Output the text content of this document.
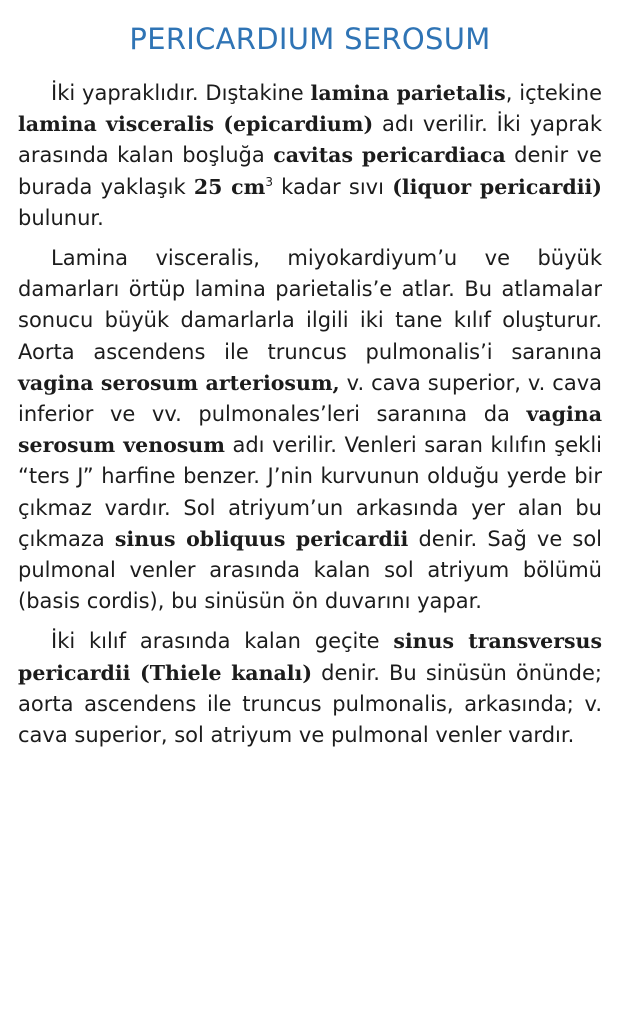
PERICARDIUM SEROSUM

İki yapraklıdır. Dıştakine lamina parietalis, içtekine lamina visceralis (epicardium) adı verilir. İki yaprak arasında kalan boşluğa cavitas pericardiaca denir ve burada yaklaşık 25 $cm^3$ kadar sıvı (liquor pericardii) bulunur.

Lamina visceralis, miyokardiyum’u ve büyük damarları örtüp lamina parietalis’e atlar. Bu atlamalar sonucu büyük damarlarla ilgili iki tane kılıf oluşturur. Aorta ascendens ile truncus pulmonalis’i saranına vagina serosum arteriosum, v. cava superior, v. cava inferior ve vv. pulmonales’leri saranına da vagina serosum venosum adı verilir. Venleri saran kılıfın şekli “ters J” harfine benzer. J’nin kurvunun olduğu yerde bir çıkmaz vardır. Sol atriyum’un arkasında yer alan bu çıkmaza sinus obliquus pericardii denir. Sağ ve sol pulmonal venler arasında kalan sol atriyum bölümü (basis cordis), bu sinüsün ön duvarını yapar.

İki kılıf arasında kalan geçite sinus transversus pericardii (Thiele kanalı) denir. Bu sinüsün önünde; aorta ascendens ile truncus pulmonalis, arkasında; v. cava superior, sol atriyum ve pulmonal venler vardır.
